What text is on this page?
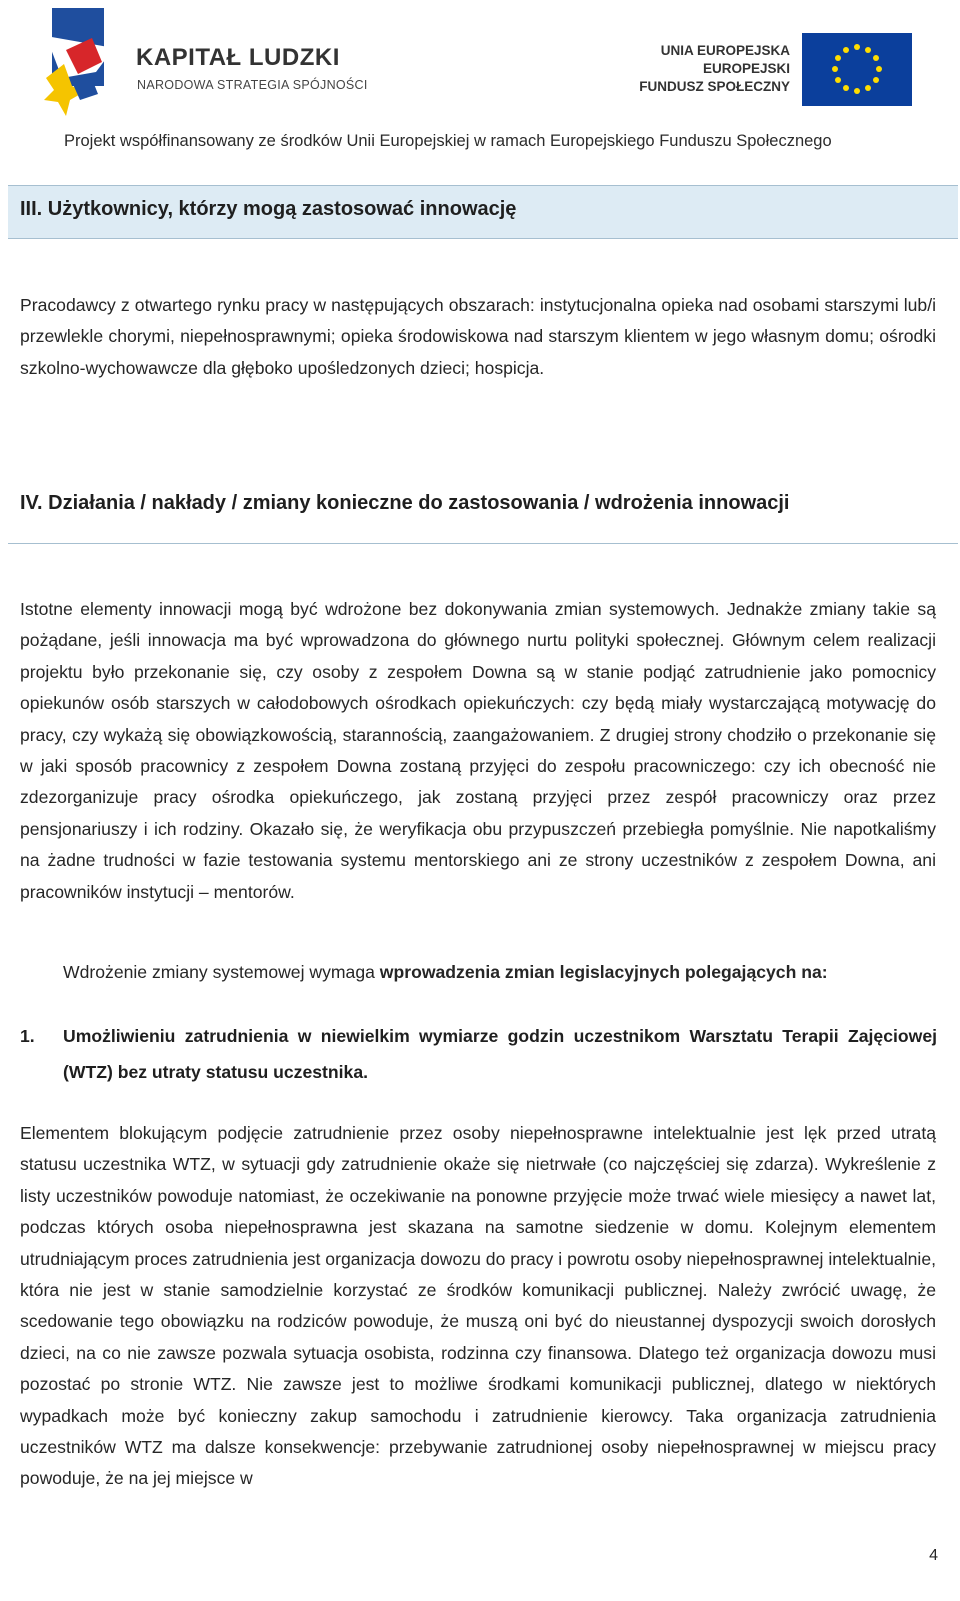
KAPITAŁ LUDZKI
NARODOWA STRATEGIA SPÓJNOŚCI
UNIA EUROPEJSKA
EUROPEJSKI
FUNDUSZ SPOŁECZNY
Projekt współfinansowany ze środków Unii Europejskiej w ramach Europejskiego Funduszu Społecznego
III. Użytkownicy, którzy mogą zastosować innowację

Pracodawcy z otwartego rynku pracy w następujących obszarach: instytucjonalna opieka nad osobami starszymi lub/i przewlekle chorymi, niepełnosprawnymi; opieka środowiskowa nad starszym klientem w jego własnym domu; ośrodki szkolno-wychowawcze dla głęboko upośledzonych dzieci; hospicja.

IV. Działania / nakłady / zmiany konieczne do zastosowania / wdrożenia innowacji

Istotne elementy innowacji mogą być wdrożone bez dokonywania zmian systemowych. Jednakże zmiany takie są pożądane, jeśli innowacja ma być wprowadzona do głównego nurtu polityki społecznej. Głównym celem realizacji projektu było przekonanie się, czy osoby z zespołem Downa są w stanie podjąć zatrudnienie jako pomocnicy opiekunów osób starszych w całodobowych ośrodkach opiekuńczych: czy będą miały wystarczającą motywację do pracy, czy wykażą się obowiązkowością, starannością, zaangażowaniem. Z drugiej strony chodziło o przekonanie się w jaki sposób pracownicy z zespołem Downa zostaną przyjęci do zespołu pracowniczego: czy ich obecność nie zdezorganizuje pracy ośrodka opiekuńczego, jak zostaną przyjęci przez zespół pracowniczy oraz przez pensjonariuszy i ich rodziny. Okazało się, że weryfikacja obu przypuszczeń przebiegła pomyślnie. Nie napotkaliśmy na żadne trudności w fazie testowania systemu mentorskiego ani ze strony uczestników z zespołem Downa, ani pracowników instytucji – mentorów.

Wdrożenie zmiany systemowej wymaga wprowadzenia zmian legislacyjnych polegających na:

1. Umożliwieniu zatrudnienia w niewielkim wymiarze godzin uczestnikom Warsztatu Terapii Zajęciowej (WTZ) bez utraty statusu uczestnika.

Elementem blokującym podjęcie zatrudnienie przez osoby niepełnosprawne intelektualnie jest lęk przed utratą statusu uczestnika WTZ, w sytuacji gdy zatrudnienie okaże się nietrwałe (co najczęściej się zdarza). Wykreślenie z listy uczestników powoduje natomiast, że oczekiwanie na ponowne przyjęcie może trwać wiele miesięcy a nawet lat, podczas których osoba niepełnosprawna jest skazana na samotne siedzenie w domu. Kolejnym elementem utrudniającym proces zatrudnienia jest organizacja dowozu do pracy i powrotu osoby niepełnosprawnej intelektualnie, która nie jest w stanie samodzielnie korzystać ze środków komunikacji publicznej. Należy zwrócić uwagę, że scedowanie tego obowiązku na rodziców powoduje, że muszą oni być do nieustannej dyspozycji swoich dorosłych dzieci, na co nie zawsze pozwala sytuacja osobista, rodzinna czy finansowa. Dlatego też organizacja dowozu musi pozostać po stronie WTZ. Nie zawsze jest to możliwe środkami komunikacji publicznej, dlatego w niektórych wypadkach może być konieczny zakup samochodu i zatrudnienie kierowcy. Taka organizacja zatrudnienia uczestników WTZ ma dalsze konsekwencje: przebywanie zatrudnionej osoby niepełnosprawnej w miejscu pracy powoduje, że na jej miejsce w

4
